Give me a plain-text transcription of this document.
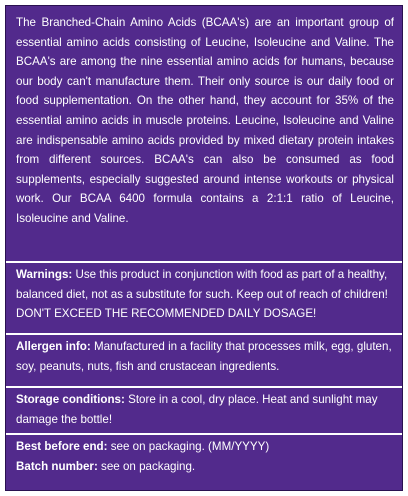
The Branched-Chain Amino Acids (BCAA's) are an important group of essential amino acids consisting of Leucine, Isoleucine and Valine. The BCAA's are among the nine essential amino acids for humans, because our body can't manufacture them. Their only source is our daily food or food supplementation. On the other hand, they account for 35% of the essential amino acids in muscle proteins. Leucine, Isoleucine and Valine are indispensable amino acids provided by mixed dietary protein intakes from different sources. BCAA's can also be consumed as food supplements, especially suggested around intense workouts or physical work. Our BCAA 6400 formula contains a 2:1:1 ratio of Leucine, Isoleucine and Valine.

Warnings: Use this product in conjunction with food as part of a healthy, balanced diet, not as a substitute for such. Keep out of reach of children! DON'T EXCEED THE RECOMMENDED DAILY DOSAGE!

Allergen info: Manufactured in a facility that processes milk, egg, gluten, soy, peanuts, nuts, fish and crustacean ingredients.

Storage conditions: Store in a cool, dry place. Heat and sunlight may damage the bottle!

Best before end: see on packaging. (MM/YYYY)
Batch number: see on packaging.
